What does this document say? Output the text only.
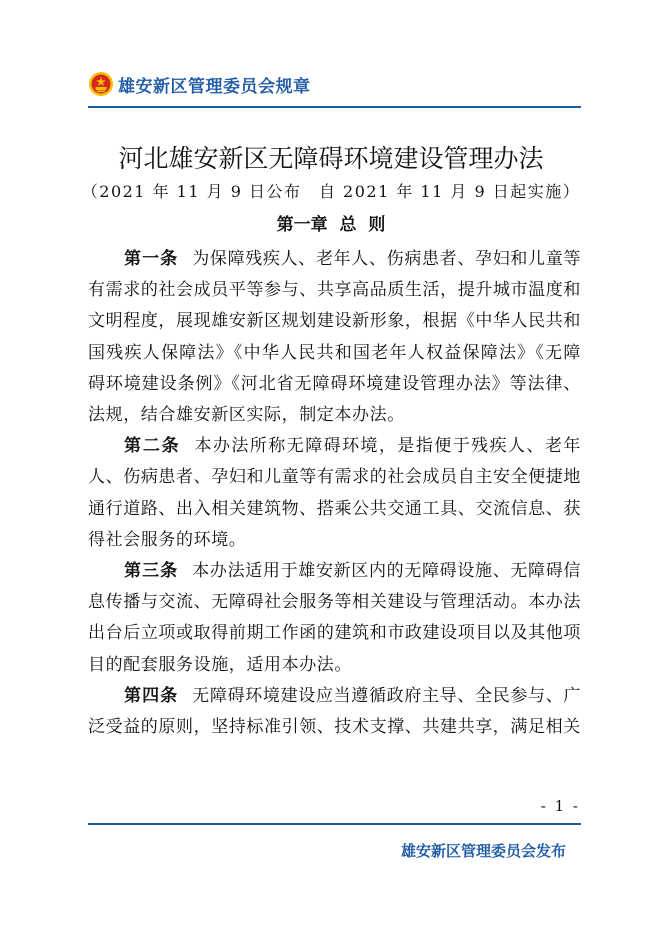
雄安新区管理委员会规章
河北雄安新区无障碍环境建设管理办法
（2021 年 11 月 9 日公布　自 2021 年 11 月 9 日起实施）
第一章  总  则

第一条 为保障残疾人、老年人、伤病患者、孕妇和儿童等有需求的社会成员平等参与、共享高品质生活，提升城市温度和文明程度，展现雄安新区规划建设新形象，根据《中华人民共和国残疾人保障法》《中华人民共和国老年人权益保障法》《无障碍环境建设条例》《河北省无障碍环境建设管理办法》等法律、法规，结合雄安新区实际，制定本办法。

第二条 本办法所称无障碍环境，是指便于残疾人、老年人、伤病患者、孕妇和儿童等有需求的社会成员自主安全便捷地通行道路、出入相关建筑物、搭乘公共交通工具、交流信息、获得社会服务的环境。

第三条 本办法适用于雄安新区内的无障碍设施、无障碍信息传播与交流、无障碍社会服务等相关建设与管理活动。本办法出台后立项或取得前期工作函的建筑和市政建设项目以及其他项目的配套服务设施，适用本办法。

第四条 无障碍环境建设应当遵循政府主导、全民参与、广泛受益的原则，坚持标准引领、技术支撑、共建共享，满足相关

- 1 -
雄安新区管理委员会发布
